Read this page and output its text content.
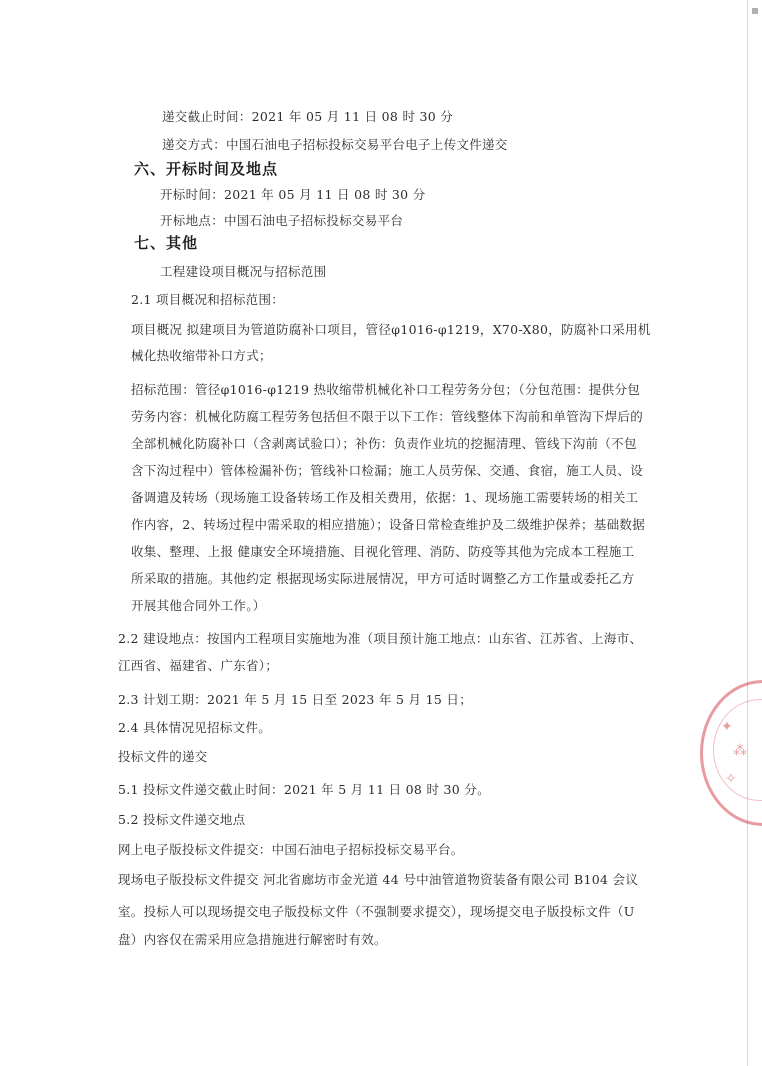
递交截止时间：2021 年 05 月 11 日 08 时 30 分
递交方式：中国石油电子招标投标交易平台电子上传文件递交
六、开标时间及地点
开标时间：2021 年 05 月 11 日 08 时 30 分
开标地点：中国石油电子招标投标交易平台
七、其他
工程建设项目概况与招标范围
2.1 项目概况和招标范围：
项目概况 拟建项目为管道防腐补口项目，管径φ1016-φ1219，X70-X80，防腐补口采用机
械化热收缩带补口方式；
招标范围：管径φ1016-φ1219 热收缩带机械化补口工程劳务分包；（分包范围：提供分包
劳务内容：机械化防腐工程劳务包括但不限于以下工作：管线整体下沟前和单管沟下焊后的
全部机械化防腐补口（含剥离试验口）；补伤：负责作业坑的挖掘清理、管线下沟前（不包
含下沟过程中）管体检漏补伤；管线补口检漏；施工人员劳保、交通、食宿，施工人员、设
备调遣及转场（现场施工设备转场工作及相关费用，依据：1、现场施工需要转场的相关工
作内容，2、转场过程中需采取的相应措施）；设备日常检查维护及二级维护保养；基础数据
收集、整理、上报 健康安全环境措施、目视化管理、消防、防疫等其他为完成本工程施工
所采取的措施。其他约定 根据现场实际进展情况，甲方可适时调整乙方工作量或委托乙方
开展其他合同外工作。）
2.2 建设地点：按国内工程项目实施地为准（项目预计施工地点：山东省、江苏省、上海市、
江西省、福建省、广东省）；
2.3 计划工期：2021 年 5 月 15 日至 2023 年 5 月 15 日；
2.4 具体情况见招标文件。
投标文件的递交
5.1 投标文件递交截止时间：2021 年 5 月 11 日 08 时 30 分。
5.2 投标文件递交地点
网上电子版投标文件提交：中国石油电子招标投标交易平台。
现场电子版投标文件提交 河北省廊坊市金光道 44 号中油管道物资装备有限公司 B104 会议
室。投标人可以现场提交电子版投标文件（不强制要求提交），现场提交电子版投标文件（U
盘）内容仅在需采用应急措施进行解密时有效。
✦
⁂
✧
